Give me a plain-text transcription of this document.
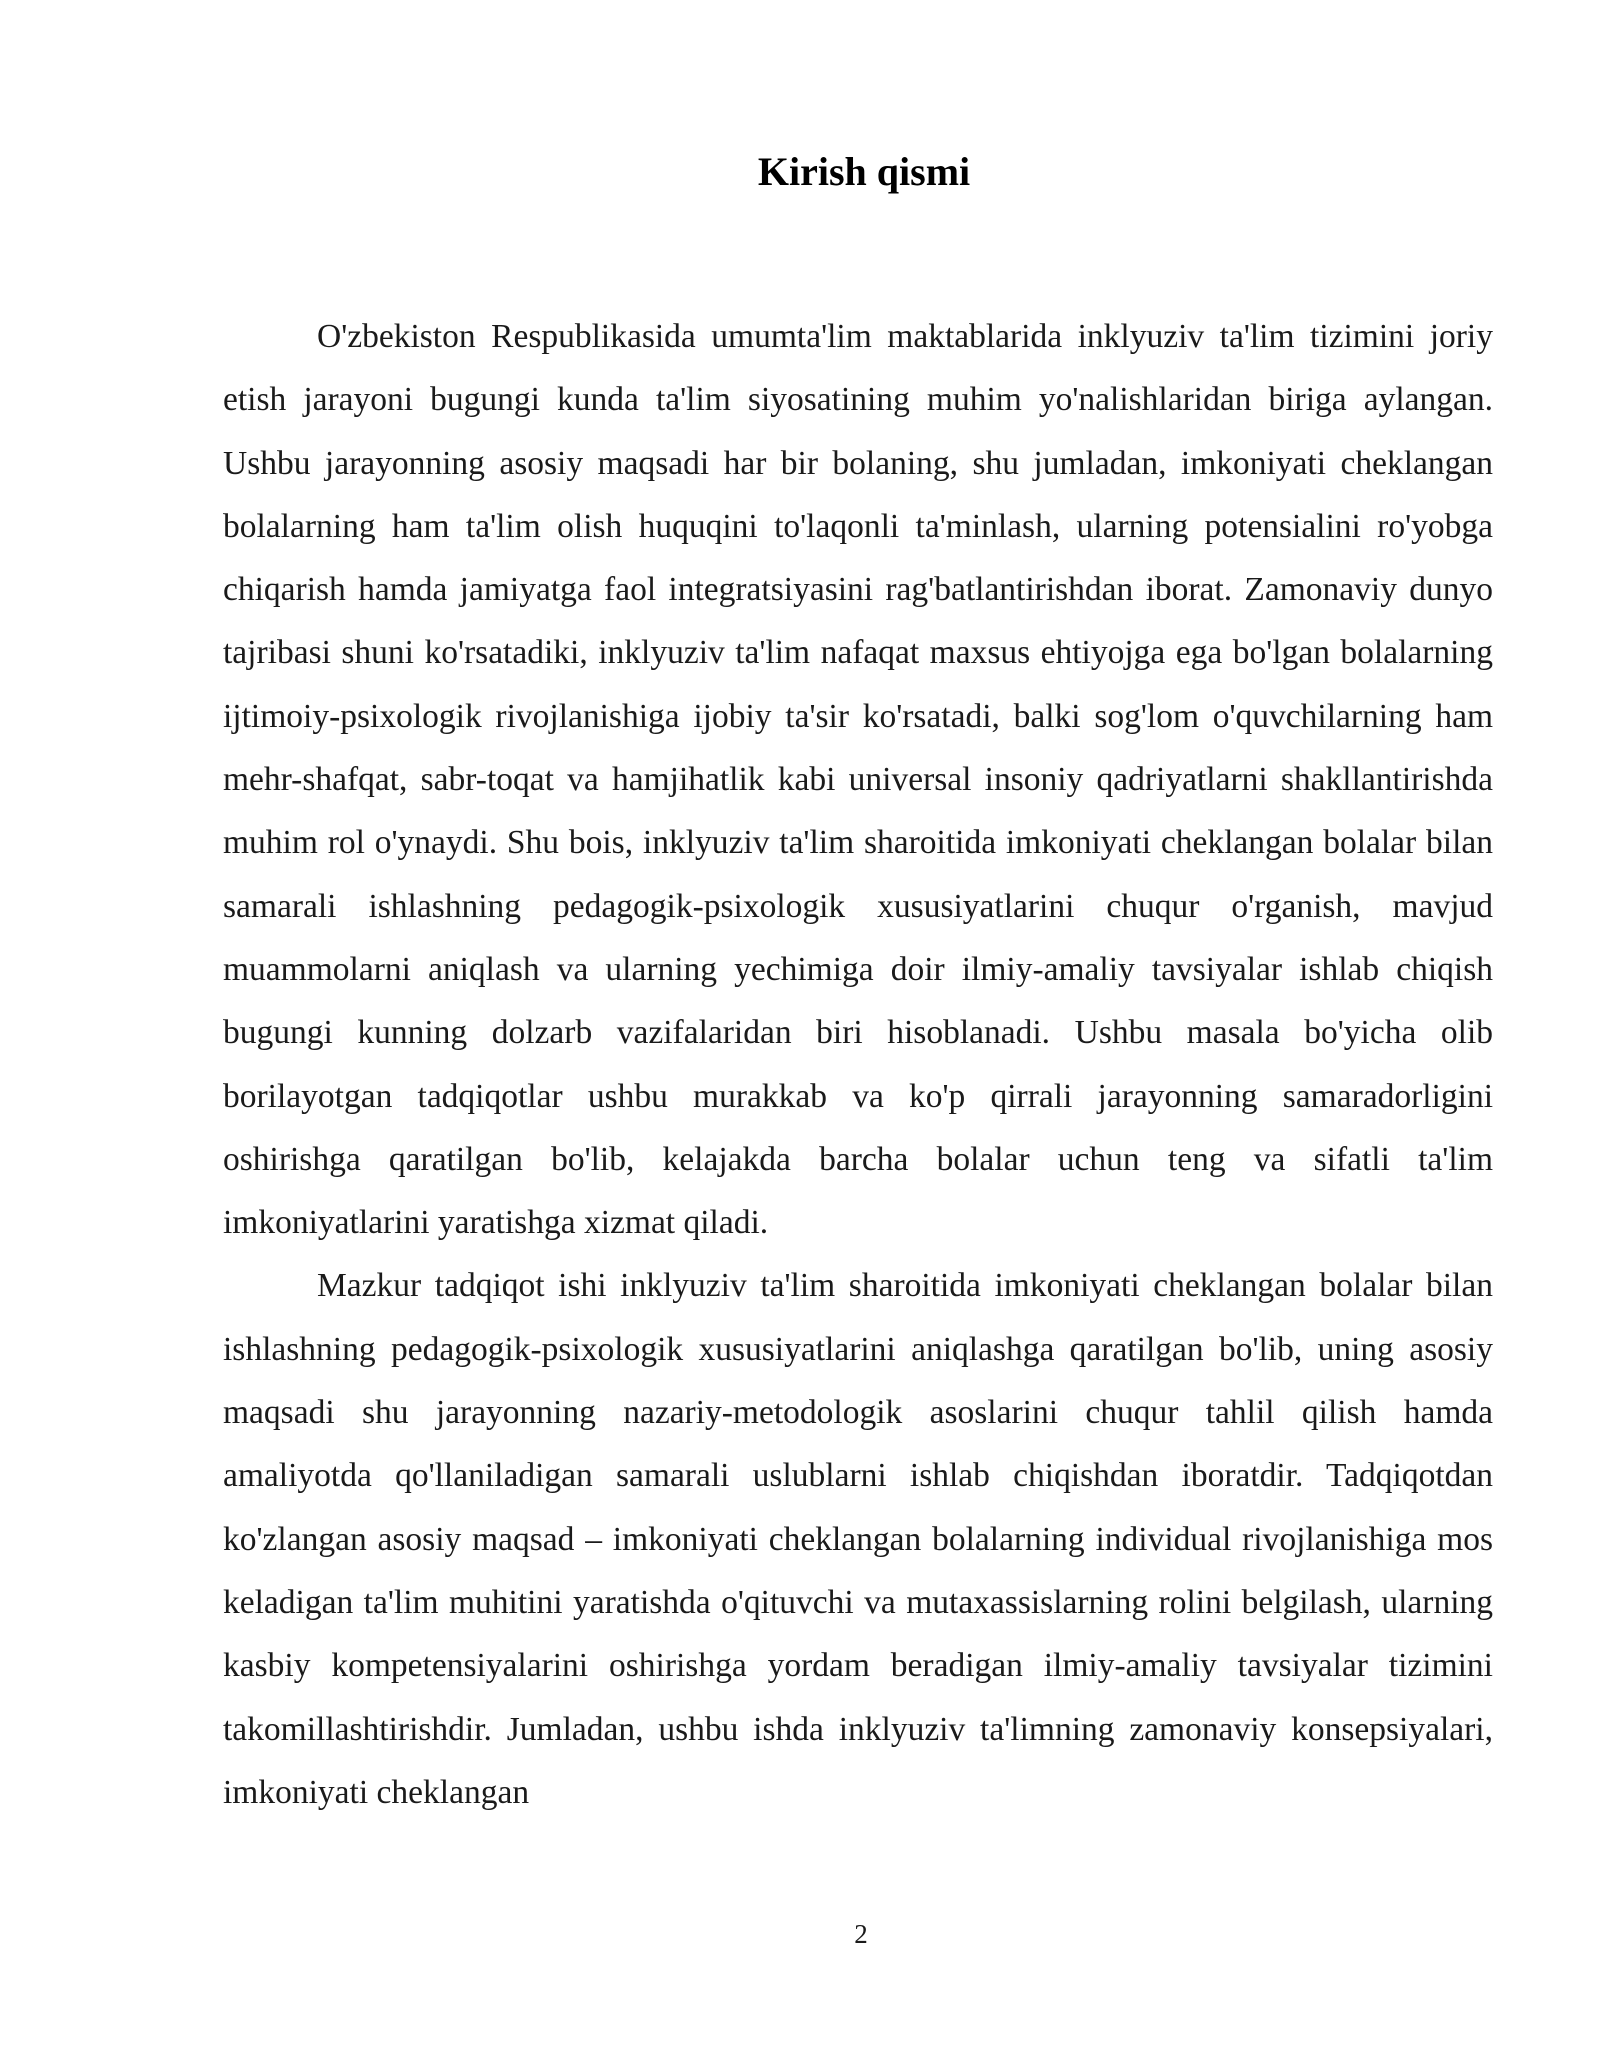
Kirish qismi

O'zbekiston Respublikasida umumta'lim maktablarida inklyuziv ta'lim tizimini joriy etish jarayoni bugungi kunda ta'lim siyosatining muhim yo'nalishlaridan biriga aylangan. Ushbu jarayonning asosiy maqsadi har bir bolaning, shu jumladan, imkoniyati cheklangan bolalarning ham ta'lim olish huquqini to'laqonli ta'minlash, ularning potensialini ro'yobga chiqarish hamda jamiyatga faol integratsiyasini rag'batlantirishdan iborat. Zamonaviy dunyo tajribasi shuni ko'rsatadiki, inklyuziv ta'lim nafaqat maxsus ehtiyojga ega bo'lgan bolalarning ijtimoiy-psixologik rivojlanishiga ijobiy ta'sir ko'rsatadi, balki sog'lom o'quvchilarning ham mehr-shafqat, sabr-toqat va hamjihatlik kabi universal insoniy qadriyatlarni shakllantirishda muhim rol o'ynaydi. Shu bois, inklyuziv ta'lim sharoitida imkoniyati cheklangan bolalar bilan samarali ishlashning pedagogik-psixologik xususiyatlarini chuqur o'rganish, mavjud muammolarni aniqlash va ularning yechimiga doir ilmiy-amaliy tavsiyalar ishlab chiqish bugungi kunning dolzarb vazifalaridan biri hisoblanadi. Ushbu masala bo'yicha olib borilayotgan tadqiqotlar ushbu murakkab va ko'p qirrali jarayonning samaradorligini oshirishga qaratilgan bo'lib, kelajakda barcha bolalar uchun teng va sifatli ta'lim imkoniyatlarini yaratishga xizmat qiladi.

Mazkur tadqiqot ishi inklyuziv ta'lim sharoitida imkoniyati cheklangan bolalar bilan ishlashning pedagogik-psixologik xususiyatlarini aniqlashga qaratilgan bo'lib, uning asosiy maqsadi shu jarayonning nazariy-metodologik asoslarini chuqur tahlil qilish hamda amaliyotda qo'llaniladigan samarali uslublarni ishlab chiqishdan iboratdir. Tadqiqotdan ko'zlangan asosiy maqsad – imkoniyati cheklangan bolalarning individual rivojlanishiga mos keladigan ta'lim muhitini yaratishda o'qituvchi va mutaxassislarning rolini belgilash, ularning kasbiy kompetensiyalarini oshirishga yordam beradigan ilmiy-amaliy tavsiyalar tizimini takomillashtirishdir. Jumladan, ushbu ishda inklyuziv ta'limning zamonaviy konsepsiyalari, imkoniyati cheklangan

2
